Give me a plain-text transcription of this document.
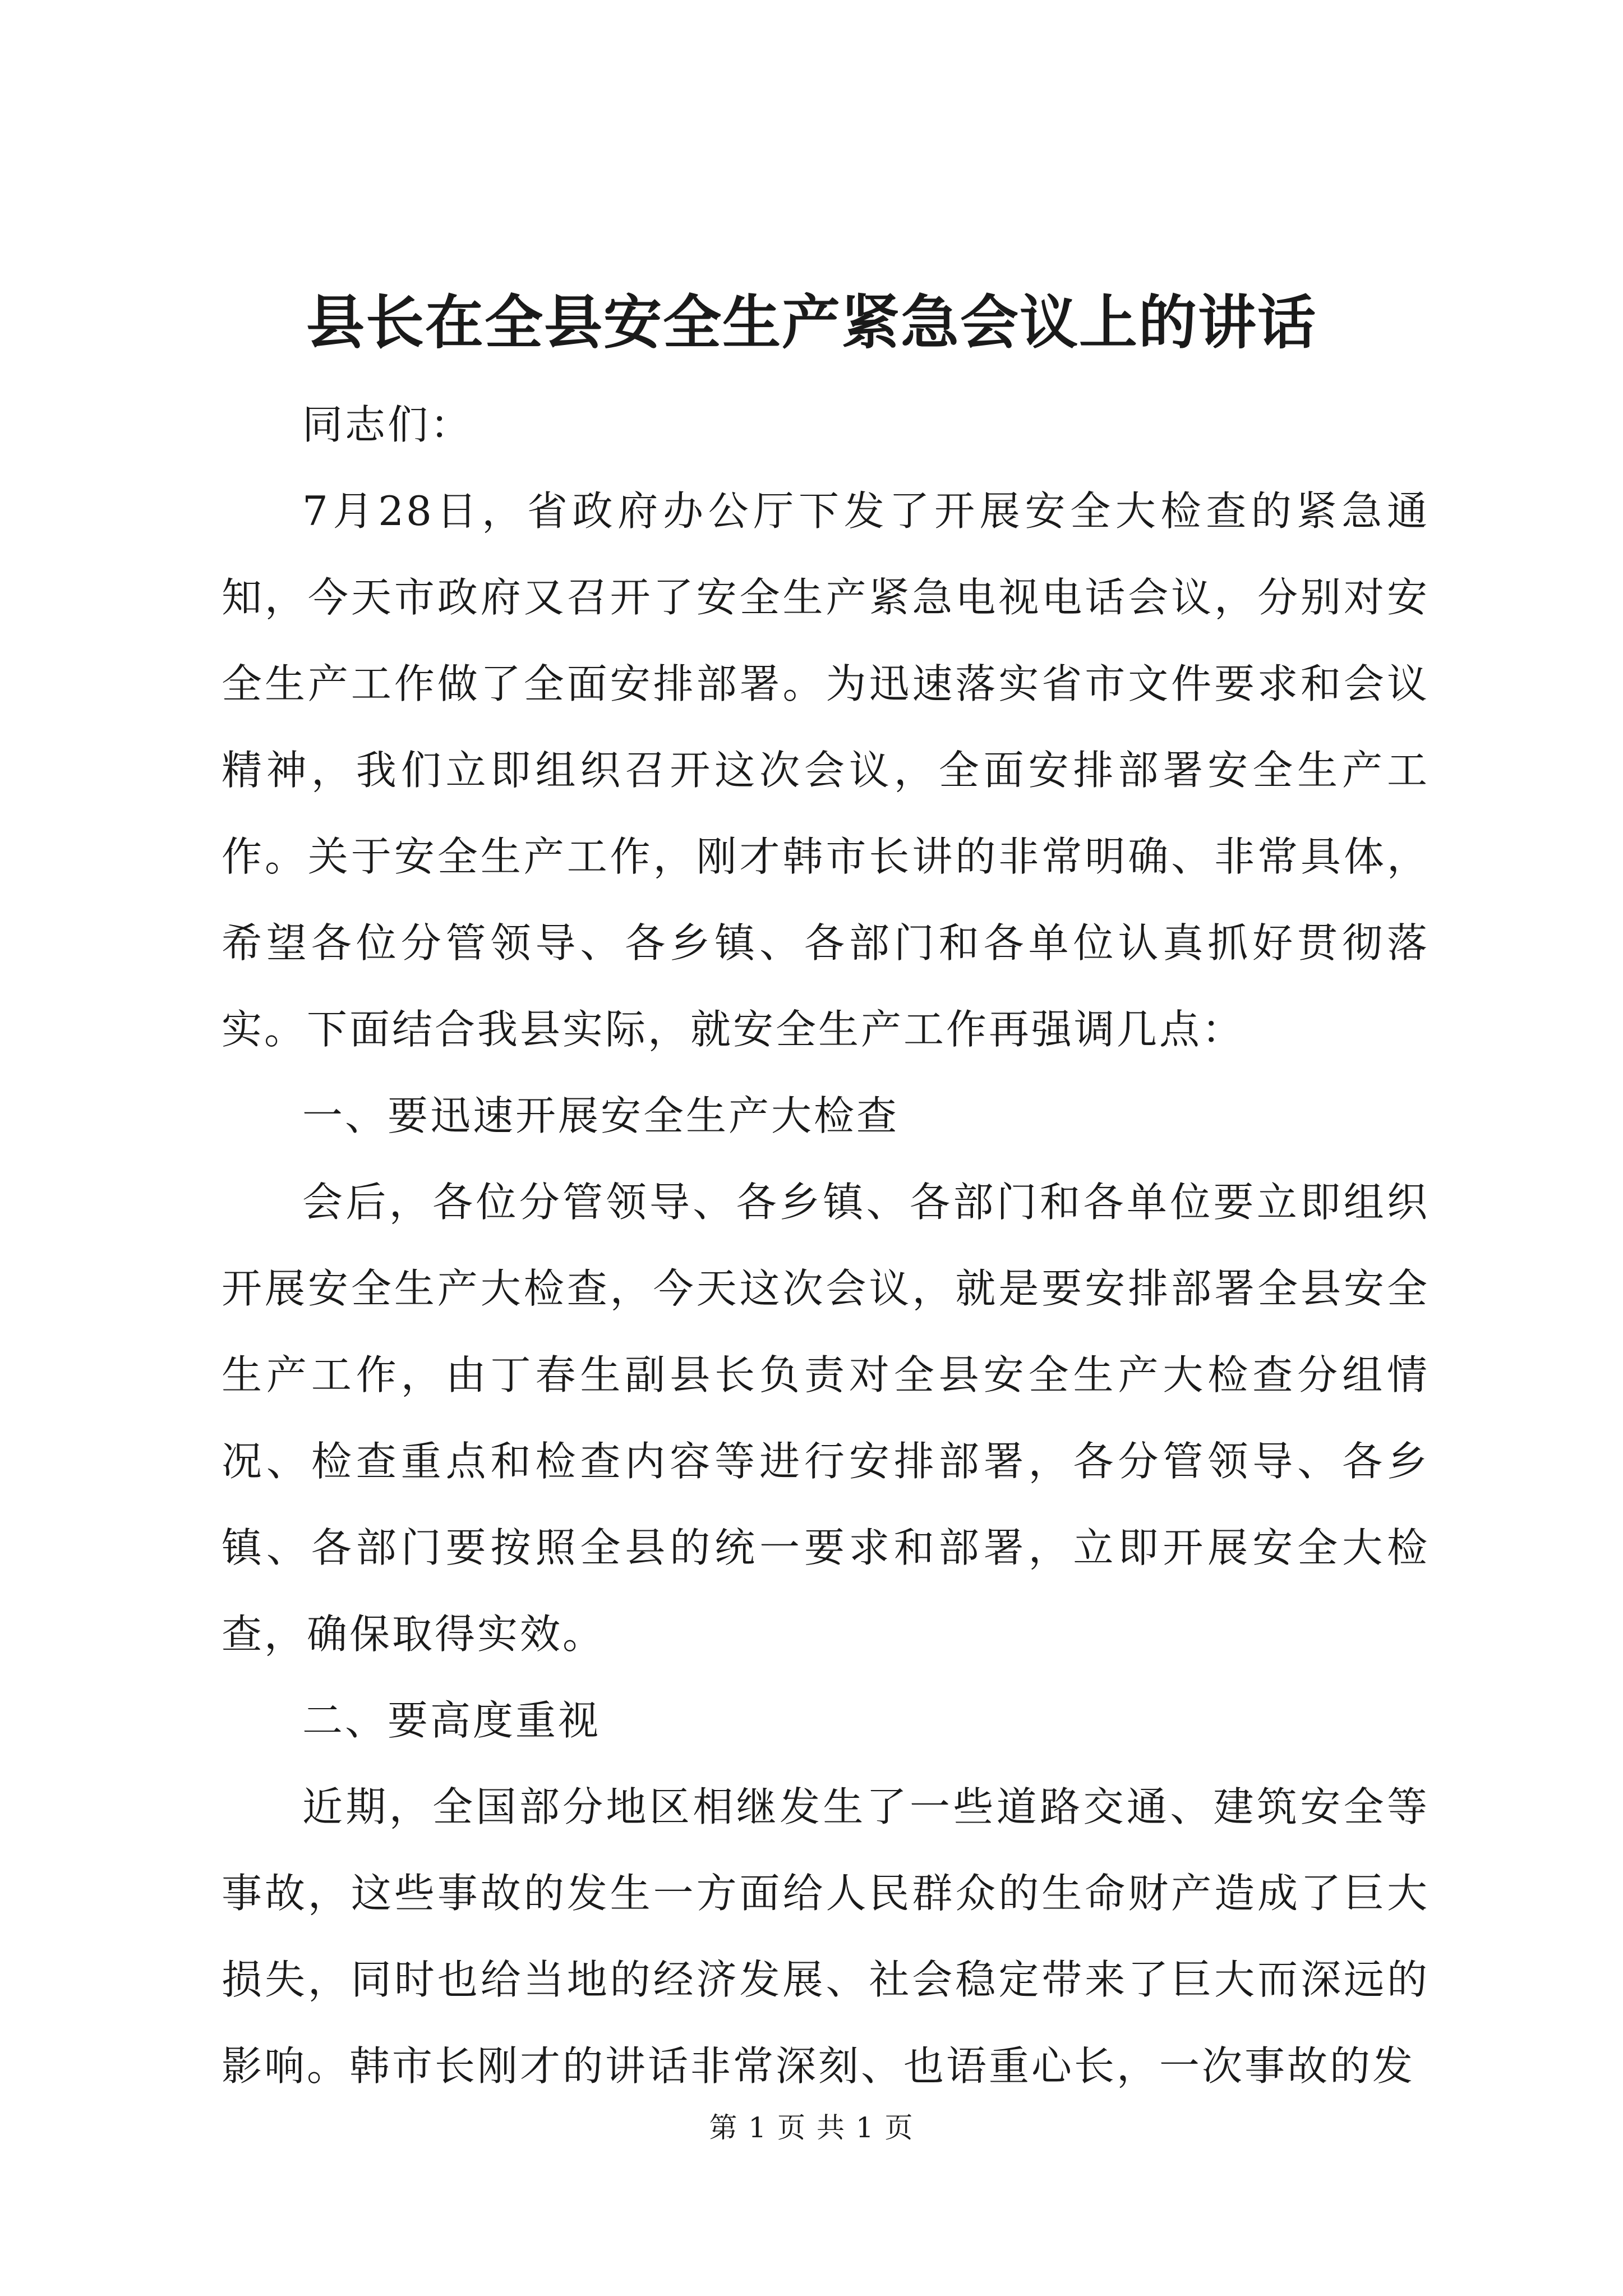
县长在全县安全生产紧急会议上的讲话

同志们：

7月28日，省政府办公厅下发了开展安全大检查的紧急通知，今天市政府又召开了安全生产紧急电视电话会议，分别对安全生产工作做了全面安排部署。为迅速落实省市文件要求和会议精神，我们立即组织召开这次会议，全面安排部署安全生产工作。关于安全生产工作，刚才韩市长讲的非常明确、非常具体，希望各位分管领导、各乡镇、各部门和各单位认真抓好贯彻落实。下面结合我县实际，就安全生产工作再强调几点：

一、要迅速开展安全生产大检查

会后，各位分管领导、各乡镇、各部门和各单位要立即组织开展安全生产大检查，今天这次会议，就是要安排部署全县安全生产工作，由丁春生副县长负责对全县安全生产大检查分组情况、检查重点和检查内容等进行安排部署，各分管领导、各乡镇、各部门要按照全县的统一要求和部署，立即开展安全大检查，确保取得实效。

二、要高度重视

近期，全国部分地区相继发生了一些道路交通、建筑安全等事故，这些事故的发生一方面给人民群众的生命财产造成了巨大损失，同时也给当地的经济发展、社会稳定带来了巨大而深远的影响。韩市长刚才的讲话非常深刻、也语重心长，一次事故的发

第 1 页 共 1 页
